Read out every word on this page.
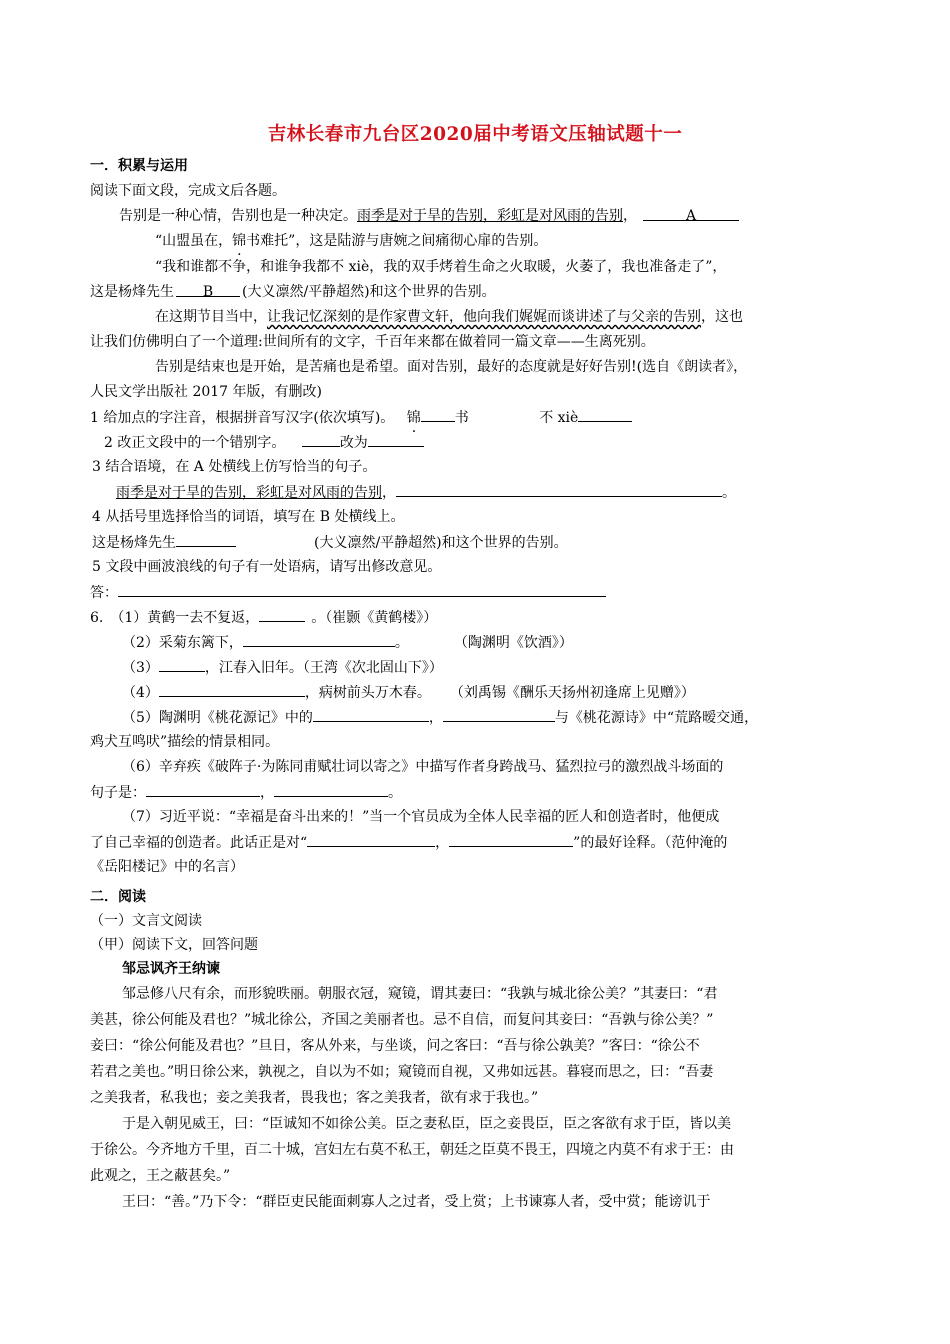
吉林长春市九台区2020届中考语文压轴试题十一
一．积累与运用
阅读下面文段，完成文后各题。
告别是一种心情，告别也是一种决定。雨季是对于旱的告别，彩虹是对风雨的告别，	A
“山盟虽在，锦书难托”，这是陆游与唐婉之间痛彻心扉的告别。
“我和谁都不争，和谁争我都不 xiè，我的双手烤着生命之火取暖，火萎了，我也准备走了”，
这是杨烽先生 B (大义凛然/平静超然)和这个世界的告别。
在这期节目当中，让我记忆深刻的是作家曹文轩，他向我们娓娓而谈讲述了与父亲的告别，这也
让我们仿佛明白了一个道理:世间所有的文字，千百年来都在做着同一篇文章——生离死别。
告别是结束也是开始，是苦痛也是希望。面对告别，最好的态度就是好好告别!(选自《朗读者》，
人民文学出版社 2017 年版，有删改)
1 给加点的字注音，根据拼音写汉字(依次填写)。 锦 书	不 xiè
2 改正文段中的一个错别字。	改为
3 结合语境，在 A 处横线上仿写恰当的句子。
雨季是对于旱的告别，彩虹是对风雨的告别，	。
4 从括号里选择恰当的词语，填写在 B 处横线上。
这是杨烽先生	(大义凛然/平静超然)和这个世界的告别。
5 文段中画波浪线的句子有一处语病，请写出修改意见。
答：
6.　（1）黄鹤一去不复返，	。（崔颢《黄鹤楼》）
（2）采菊东篱下，	。	（陶渊明《饮酒》）
（3）	，江春入旧年。（王湾《次北固山下》）
（4）	，病树前头万木春。 （刘禹锡《酬乐天扬州初逢席上见赠》）
（5）陶渊明《桃花源记》中的	，	与《桃花源诗》中“荒路暧交通，
鸡犬互鸣吠”描绘的情景相同。
（6）辛弃疾《破阵子·为陈同甫赋壮词以寄之》中描写作者身跨战马、猛烈拉弓的激烈战斗场面的
句子是：	，	。
（7）习近平说：“幸福是奋斗出来的！”当一个官员成为全体人民幸福的匠人和创造者时，他便成
了自己幸福的创造者。此话正是对“	，	”的最好诠释。（范仲淹的
《岳阳楼记》中的名言）
二．阅读
（一）文言文阅读
（甲）阅读下文，回答问题
邹忌讽齐王纳谏
邹忌修八尺有余，而形貌昳丽。朝服衣冠，窥镜，谓其妻曰：“我孰与城北徐公美？”其妻曰：“君
美甚，徐公何能及君也？”城北徐公，齐国之美丽者也。忌不自信，而复问其妾曰：“吾孰与徐公美？”
妾曰：“徐公何能及君也？”旦日，客从外来，与坐谈，问之客曰：“吾与徐公孰美？”客曰：“徐公不
若君之美也。”明日徐公来，孰视之，自以为不如；窥镜而自视，又弗如远甚。暮寝而思之，曰：“吾妻
之美我者，私我也；妾之美我者，畏我也；客之美我者，欲有求于我也。”
于是入朝见威王，曰：“臣诚知不如徐公美。臣之妻私臣，臣之妾畏臣，臣之客欲有求于臣，皆以美
于徐公。今齐地方千里，百二十城，宫妇左右莫不私王，朝廷之臣莫不畏王，四境之内莫不有求于王：由
此观之，王之蔽甚矣。”
王曰：“善。”乃下令：“群臣吏民能面刺寡人之过者，受上赏；上书谏寡人者，受中赏；能谤讥于
